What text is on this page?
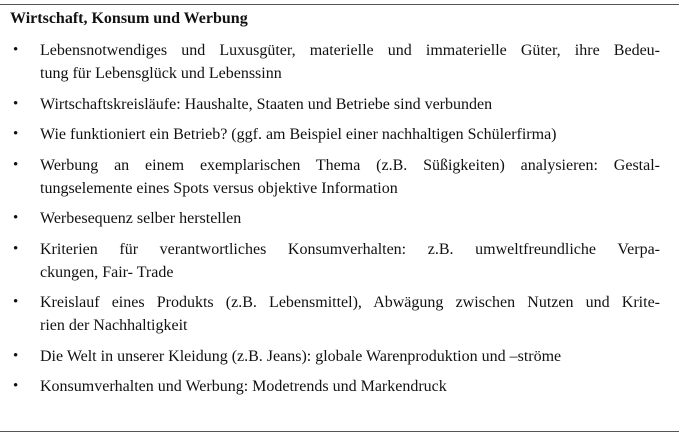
Wirtschaft, Konsum und Werbung
• Lebensnotwendiges und Luxusgüter, materielle und immaterielle Güter, ihre Bedeu-
tung für Lebensglück und Lebenssinn
• Wirtschaftskreisläufe: Haushalte, Staaten und Betriebe sind verbunden
• Wie funktioniert ein Betrieb? (ggf. am Beispiel einer nachhaltigen Schülerfirma)
• Werbung an einem exemplarischen Thema (z.B. Süßigkeiten) analysieren: Gestal-
tungselemente eines Spots versus objektive Information
• Werbesequenz selber herstellen
• Kriterien für verantwortliches Konsumverhalten: z.B. umweltfreundliche Verpa-
ckungen, Fair- Trade
• Kreislauf eines Produkts (z.B. Lebensmittel), Abwägung zwischen Nutzen und Krite-
rien der Nachhaltigkeit
• Die Welt in unserer Kleidung (z.B. Jeans): globale Warenproduktion und –ströme
• Konsumverhalten und Werbung: Modetrends und Markendruck
